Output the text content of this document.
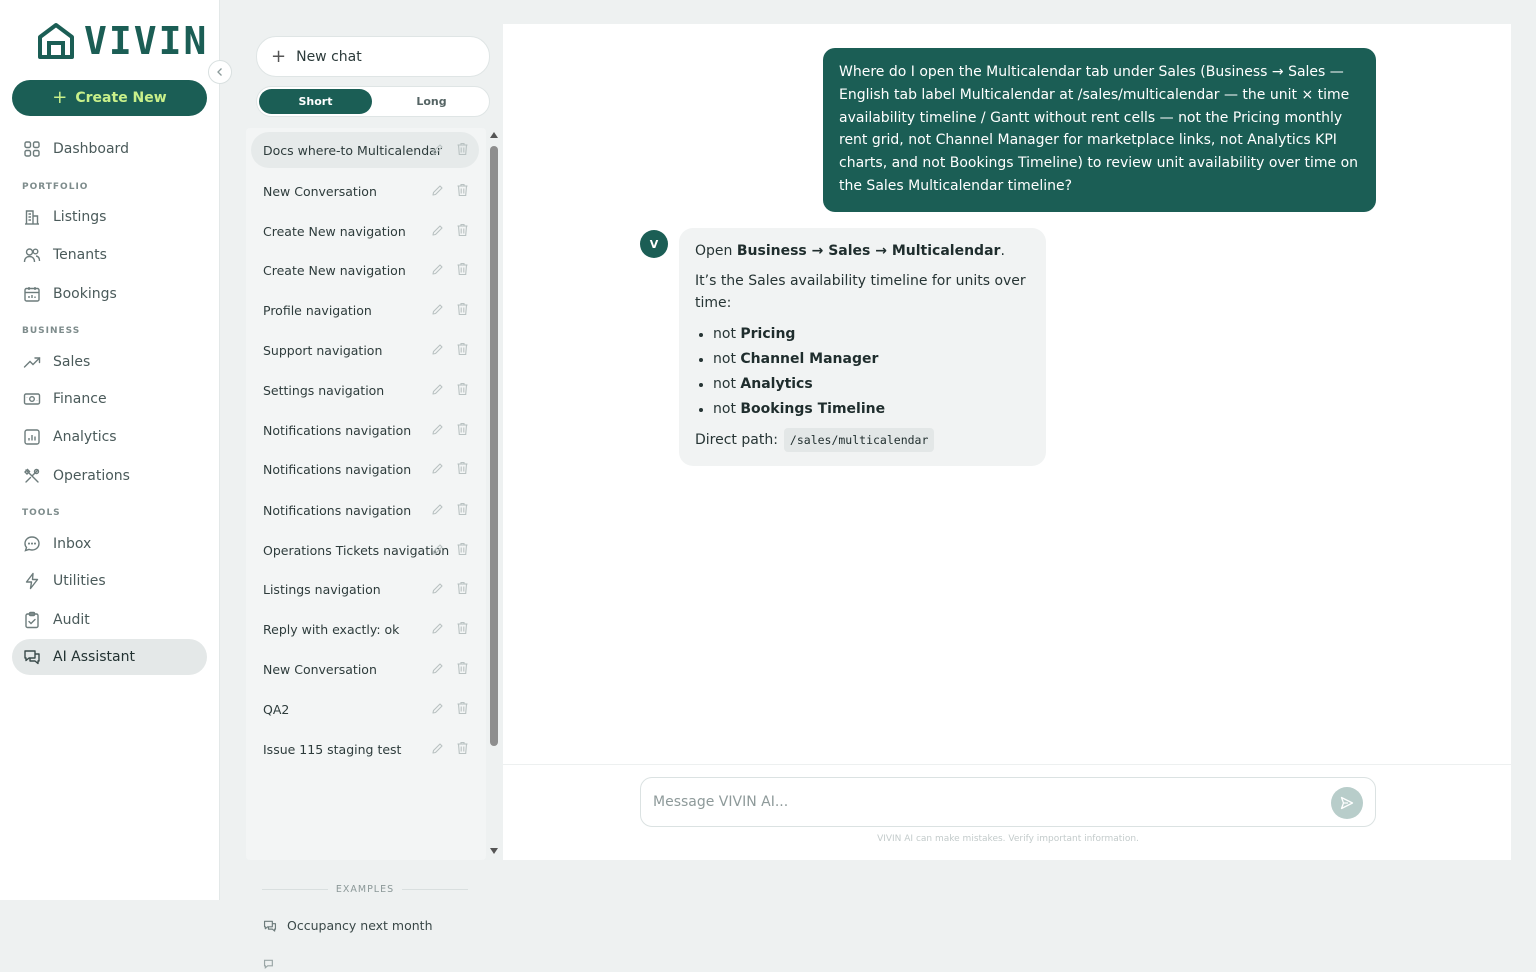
VIVIN
+ Create New
Dashboard
PORTFOLIO
Listings
Tenants
Bookings
BUSINESS
Sales
Finance
Analytics
Operations
TOOLS
Inbox
Utilities
Audit
AI Assistant
+ New chat
Short	Long
Docs where-to Multicalendar
New Conversation
Create New navigation
Create New navigation
Profile navigation
Support navigation
Settings navigation
Notifications navigation
Notifications navigation
Notifications navigation
Operations Tickets navigation
Listings navigation
Reply with exactly: ok
New Conversation
QA2
Issue 115 staging test
EXAMPLES
Occupancy next month
Where do I open the Multicalendar tab under Sales (Business → Sales — English tab label Multicalendar at /sales/multicalendar — the unit × time availability timeline / Gantt without rent cells — not the Pricing monthly rent grid, not Channel Manager for marketplace links, not Analytics KPI charts, and not Bookings Timeline) to review unit availability over time on the Sales Multicalendar timeline?
V	Open Business → Sales → Multicalendar.

It’s the Sales availability timeline for units over time:

not Pricing
not Channel Manager
not Analytics
not Bookings Timeline
Direct path:	/sales/multicalendar
Message VIVIN AI...
VIVIN AI can make mistakes. Verify important information.
